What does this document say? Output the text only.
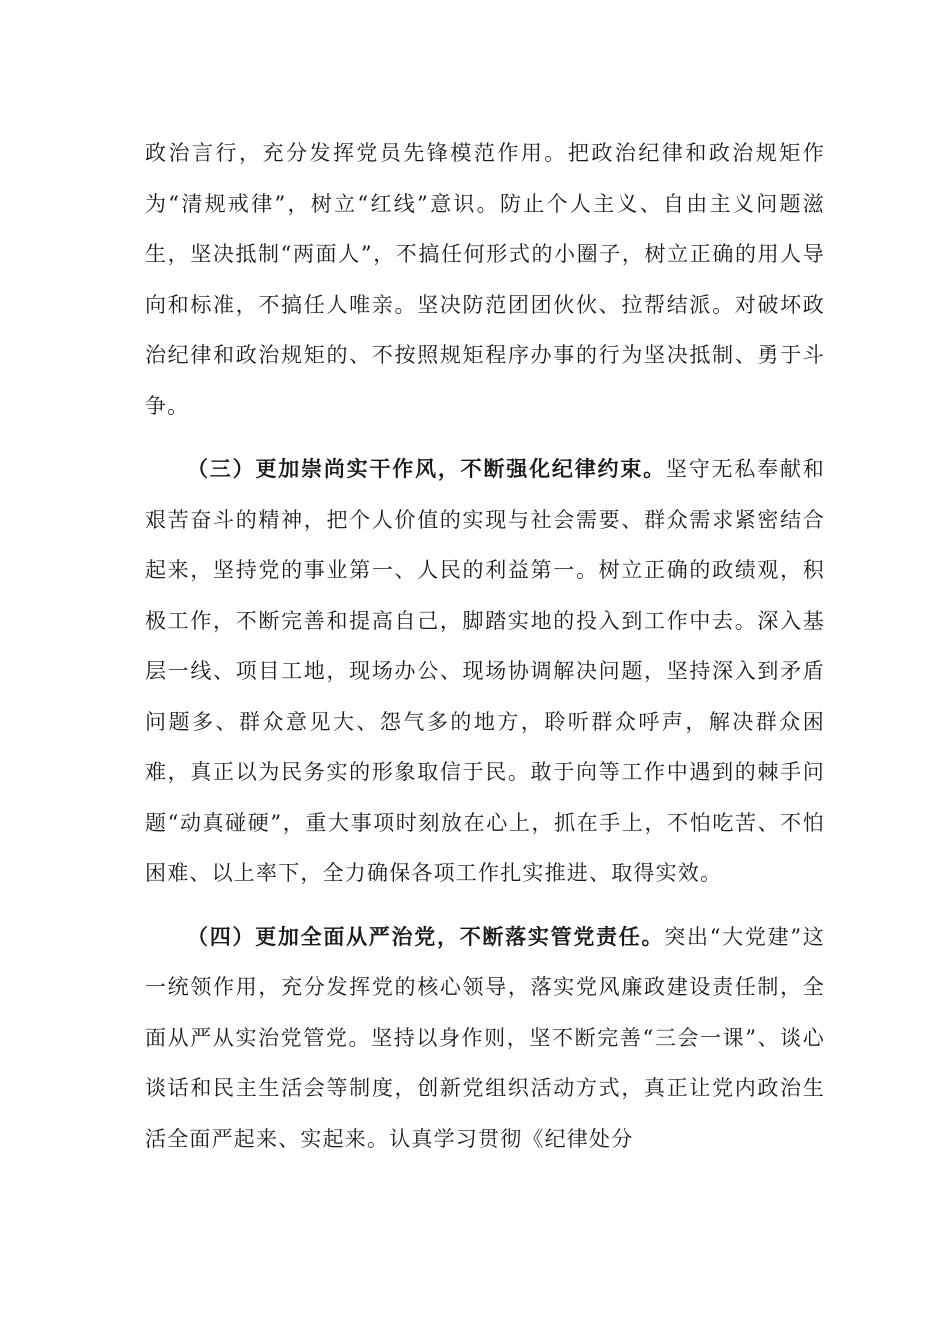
政治言行，充分发挥党员先锋模范作用。把政治纪律和政治规矩作为“清规戒律”，树立“红线”意识。防止个人主义、自由主义问题滋生，坚决抵制“两面人”，不搞任何形式的小圈子，树立正确的用人导向和标准，不搞任人唯亲。坚决防范团团伙伙、拉帮结派。对破坏政治纪律和政治规矩的、不按照规矩程序办事的行为坚决抵制、勇于斗争。

（三）更加崇尚实干作风，不断强化纪律约束。坚守无私奉献和艰苦奋斗的精神，把个人价值的实现与社会需要、群众需求紧密结合起来，坚持党的事业第一、人民的利益第一。树立正确的政绩观，积极工作，不断完善和提高自己，脚踏实地的投入到工作中去。深入基层一线、项目工地，现场办公、现场协调解决问题，坚持深入到矛盾问题多、群众意见大、怨气多的地方，聆听群众呼声，解决群众困难，真正以为民务实的形象取信于民。敢于向等工作中遇到的棘手问题“动真碰硬”，重大事项时刻放在心上，抓在手上，不怕吃苦、不怕困难、以上率下，全力确保各项工作扎实推进、取得实效。

（四）更加全面从严治党，不断落实管党责任。突出“大党建”这一统领作用，充分发挥党的核心领导，落实党风廉政建设责任制，全面从严从实治党管党。坚持以身作则，坚不断完善“三会一课”、谈心谈话和民主生活会等制度，创新党组织活动方式，真正让党内政治生活全面严起来、实起来。认真学习贯彻《纪律处分
